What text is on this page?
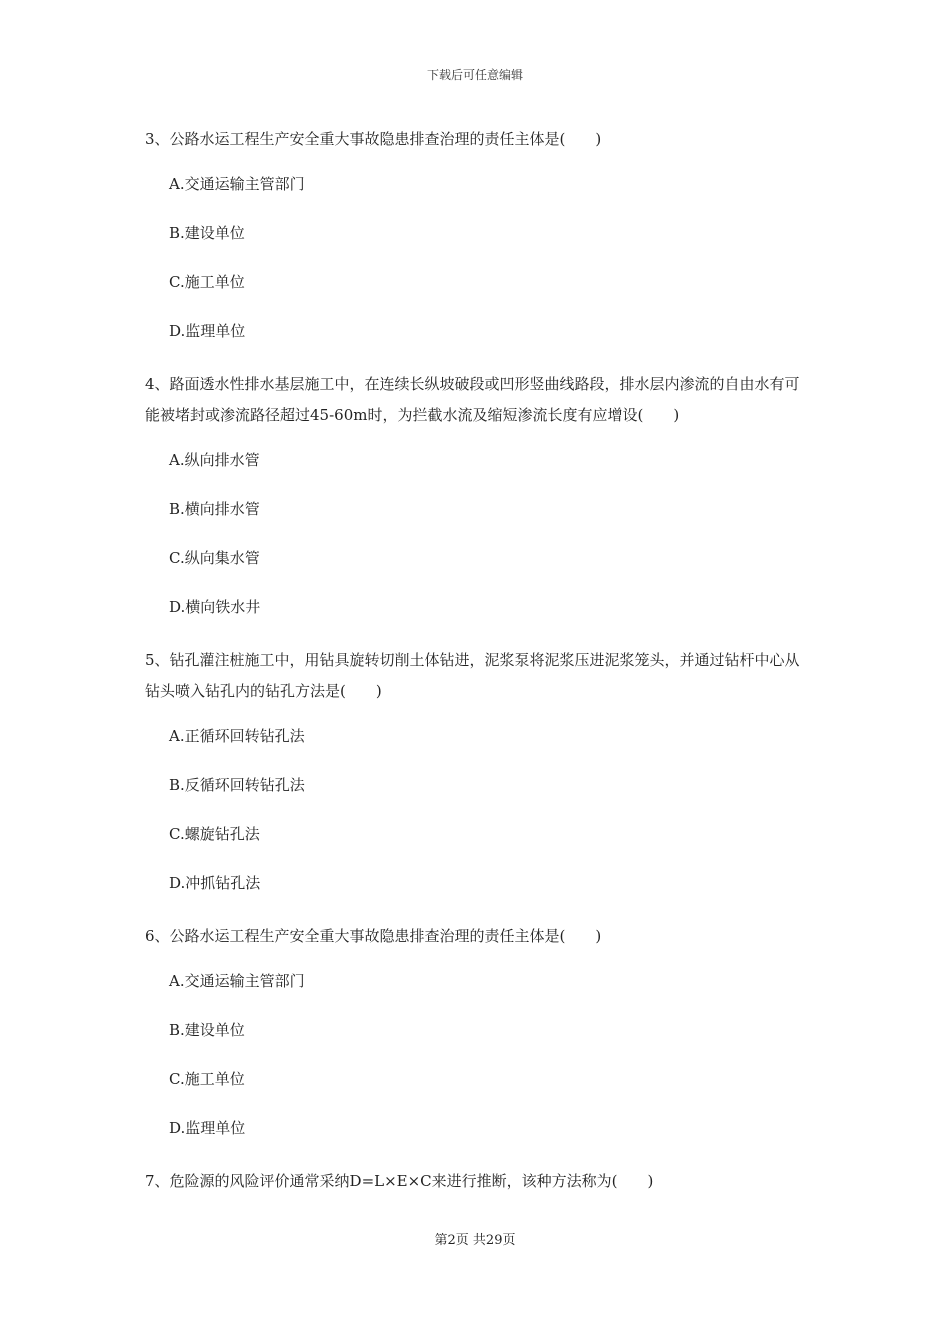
下载后可任意编辑

3、公路水运工程生产安全重大事故隐患排查治理的责任主体是(　　)

A.交通运输主管部门
B.建设单位
C.施工单位
D.监理单位

4、路面透水性排水基层施工中，在连续长纵坡破段或凹形竖曲线路段，排水层内渗流的自由水有可能被堵封或渗流路径超过45-60m时，为拦截水流及缩短渗流长度有应增设(　　)

A.纵向排水管
B.横向排水管
C.纵向集水管
D.横向铁水井

5、钻孔灌注桩施工中，用钻具旋转切削土体钻进，泥浆泵将泥浆压进泥浆笼头，并通过钻杆中心从钻头喷入钻孔内的钻孔方法是(　　)

A.正循环回转钻孔法
B.反循环回转钻孔法
C.螺旋钻孔法
D.冲抓钻孔法

6、公路水运工程生产安全重大事故隐患排查治理的责任主体是(　　)

A.交通运输主管部门
B.建设单位
C.施工单位
D.监理单位

7、危险源的风险评价通常采纳D=L×E×C来进行推断，该种方法称为(　　)

第2页 共29页
